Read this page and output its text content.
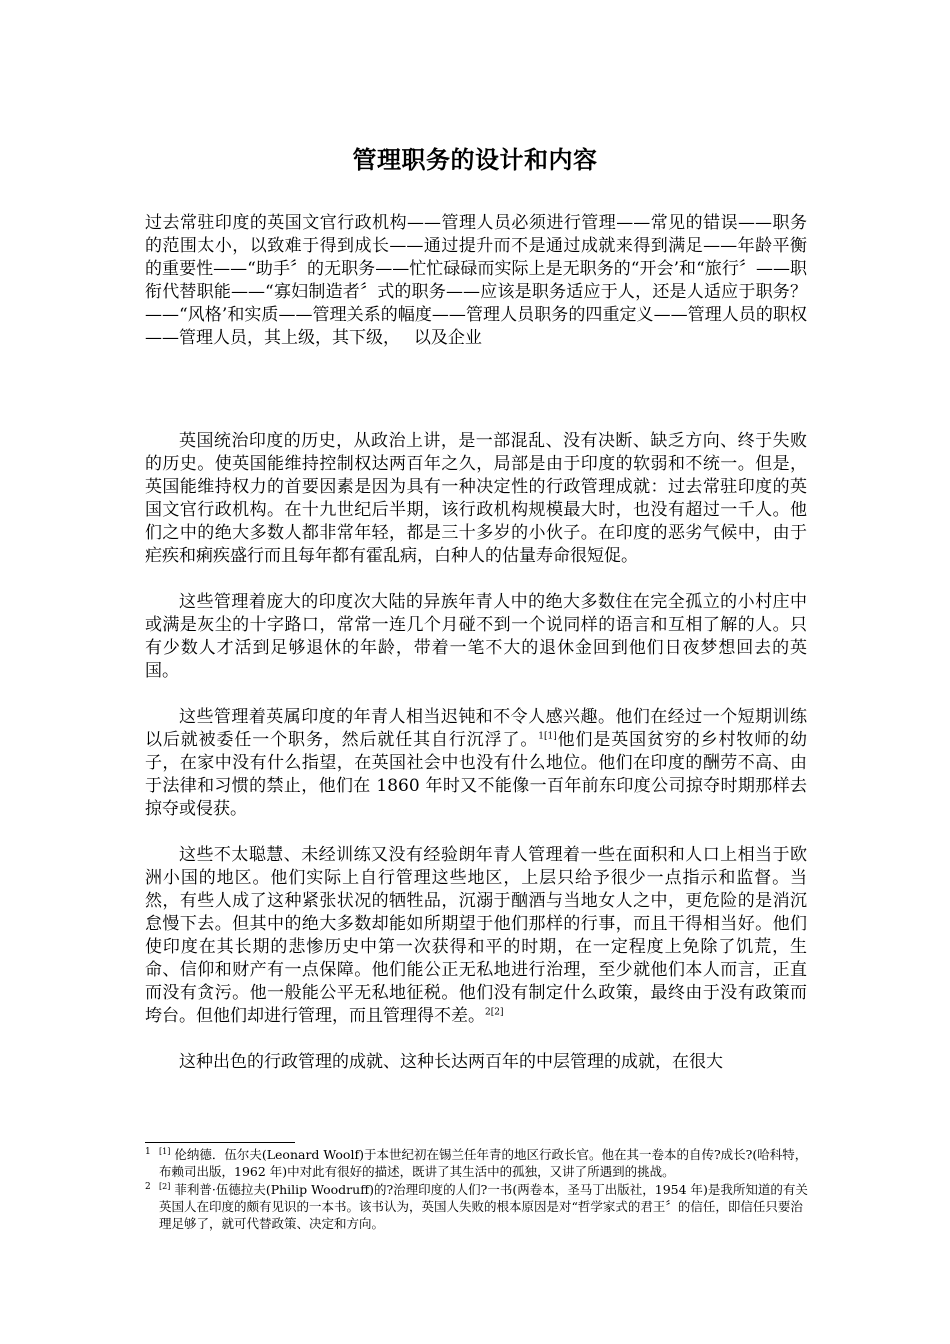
管理职务的设计和内容

过去常驻印度的英国文官行政机构——管理人员必须进行管理——常见的错误——职务的范围太小，以致难于得到成长——通过提升而不是通过成就来得到满足——年龄平衡的重要性——“助手〞的无职务——忙忙碌碌而实际上是无职务的“开会’和“旅行〞——职衔代替职能——“寡妇制造者〞式的职务——应该是职务适应于人，还是人适应于职务？——“风格’和实质——管理关系的幅度——管理人员职务的四重定义——管理人员的职权——管理人员，其上级，其下级，　 以及企业

英国统治印度的历史，从政治上讲，是一部混乱、没有决断、缺乏方向、终于失败的历史。使英国能维持控制权达两百年之久，局部是由于印度的软弱和不统一。但是，英国能维持权力的首要因素是因为具有一种决定性的行政管理成就：过去常驻印度的英国文官行政机构。在十九世纪后半期，该行政机构规模最大时，也没有超过一千人。他们之中的绝大多数人都非常年轻，都是三十多岁的小伙子。在印度的恶劣气候中，由于疟疾和痢疾盛行而且每年都有霍乱病，白种人的估量寿命很短促。

这些管理着庞大的印度次大陆的异族年青人中的绝大多数住在完全孤立的小村庄中或满是灰尘的十字路口，常常一连几个月碰不到一个说同样的语言和互相了解的人。只有少数人才活到足够退休的年龄，带着一笔不大的退休金回到他们日夜梦想回去的英国。

这些管理着英属印度的年青人相当迟钝和不令人感兴趣。他们在经过一个短期训练以后就被委任一个职务，然后就任其自行沉浮了。$^{1[1]}$他们是英国贫穷的乡村牧师的幼子，在家中没有什么指望，在英国社会中也没有什么地位。他们在印度的酬劳不高、由于法律和习惯的禁止，他们在 1860 年时又不能像一百年前东印度公司掠夺时期那样去掠夺或侵获。

这些不太聪慧、未经训练又没有经验朗年青人管理着一些在面积和人口上相当于欧洲小国的地区。他们实际上自行管理这些地区，上层只给予很少一点指示和监督。当然，有些人成了这种紧张状况的牺牲品，沉溺于酗酒与当地女人之中，更危险的是消沉怠慢下去。但其中的绝大多数却能如所期望于他们那样的行事，而且干得相当好。他们使印度在其长期的悲惨历史中第一次获得和平的时期，在一定程度上免除了饥荒，生命、信仰和财产有一点保障。他们能公正无私地进行治理，至少就他们本人而言，正直而没有贪污。他一般能公平无私地征税。他们没有制定什么政策，最终由于没有政策而垮台。但他们却进行管理，而且管理得不差。$^{2[2]}$

这种出色的行政管理的成就、这种长达两百年的中层管理的成就，在很大

1 [1] 伦纳德．伍尔夫(Leonard Woolf)于本世纪初在锡兰任年青的地区行政长官。他在其一卷本的自传?成长?(哈科特，布赖司出版，1962 年)中对此有很好的描述，既讲了其生活中的孤独，又讲了所遇到的挑战。
2 [2] 菲利普·伍德拉夫(Philip Woodruff)的?治理印度的人们?一书(两卷本，圣马丁出版社，1954 年)是我所知道的有关英国人在印度的颇有见识的一本书。该书认为，英国人失败的根本原因是对“哲学家式的君王〞的信任，即信任只要治理足够了，就可代替政策、决定和方向。
